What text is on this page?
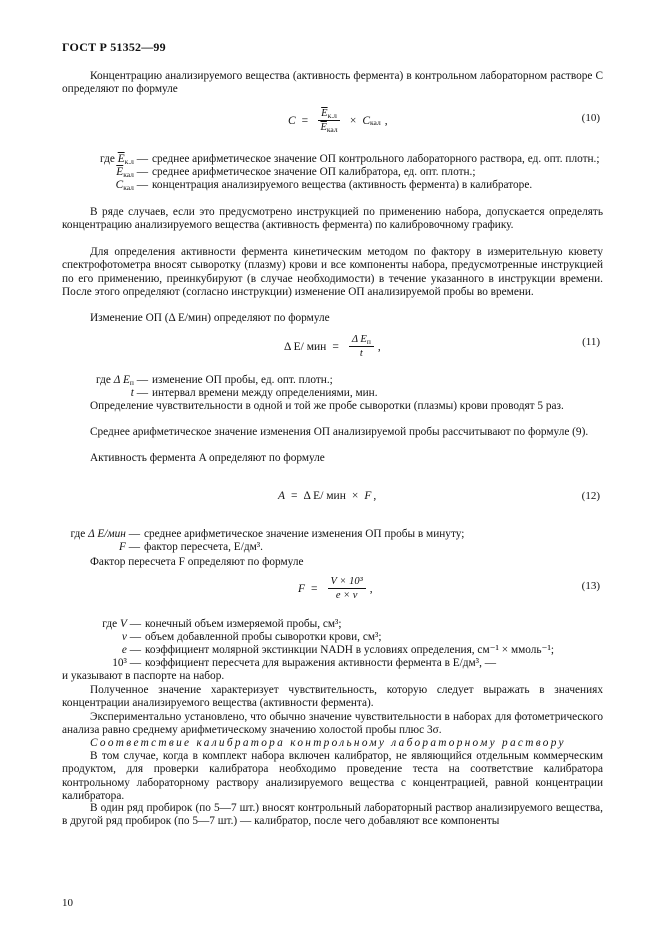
ГОСТ Р 51352—99
Концентрацию анализируемого вещества (активность фермента) в контрольном лабораторном растворе C определяют по формуле
$C = \frac{\overline{E}к.л}{\overline{E}кал} \times C$ кал ,	(10)
где $\overline{E}к.л$ — среднее арифметическое значение ОП контрольного лабораторного раствора, ед. опт. плотн.;
$\overline{E}кал$ — среднее арифметическое значение ОП калибратора, ед. опт. плотн.;
Cкал — концентрация анализируемого вещества (активность фермента) в калибраторе.
В ряде случаев, если это предусмотрено инструкцией по применению набора, допускается определять концентрацию анализируемого вещества (активность фермента) по калибровочному графику.
Для определения активности фермента кинетическим методом по фактору в измерительную кювету спектрофотометра вносят сыворотку (плазму) крови и все компоненты набора, предусмотренные инструкцией по его применению, преинкубируют (в случае необходимости) в течение указанного в инструкции времени. После этого определяют (согласно инструкции) изменение ОП анализируемой пробы во времени.
Изменение ОП (Δ E/мин) определяют по формуле
Δ E/ мин = $\frac{\text{Δ Eп}}{t}$ ,	(11)
где Δ Eп — изменение ОП пробы, ед. опт. плотн.;
t — интервал времени между определениями, мин.
Определение чувствительности в одной и той же пробе сыворотки (плазмы) крови проводят 5 раз.
Среднее арифметическое значение изменения ОП анализируемой пробы рассчитывают по формуле (9).
Активность фермента A определяют по формуле
A = Δ E/ мин × F ,	(12)
где Δ E/мин — среднее арифметическое значение изменения ОП пробы в минуту;
F — фактор пересчета, E/дм³.
Фактор пересчета F определяют по формуле
$F = \frac{\text{V × 10³}}{e \times v}$ ,	(13)
где V — конечный объем измеряемой пробы, см³;
v — объем добавленной пробы сыворотки крови, см³;
e — коэффициент молярной экстинкции NADH в условиях определения, см⁻¹ × ммоль⁻¹;
10³ — коэффициент пересчета для выражения активности фермента в E/дм³, —
и указывают в паспорте на набор.
Полученное значение характеризует чувствительность, которую следует выражать в значениях концентрации анализируемого вещества (активности фермента).
Экспериментально установлено, что обычно значение чувствительности в наборах для фотометрического анализа равно среднему арифметическому значению холостой пробы плюс 3σ.
Соответствие калибратора контрольному лабораторному раствору
В том случае, когда в комплект набора включен калибратор, не являющийся отдельным коммерческим продуктом, для проверки калибратора необходимо проведение теста на соответствие калибратора контрольному лабораторному раствору анализируемого вещества с концентрацией, равной концентрации калибратора.
В один ряд пробирок (по 5—7 шт.) вносят контрольный лабораторный раствор анализируемого вещества, в другой ряд пробирок (по 5—7 шт.) — калибратор, после чего добавляют все компоненты
10
